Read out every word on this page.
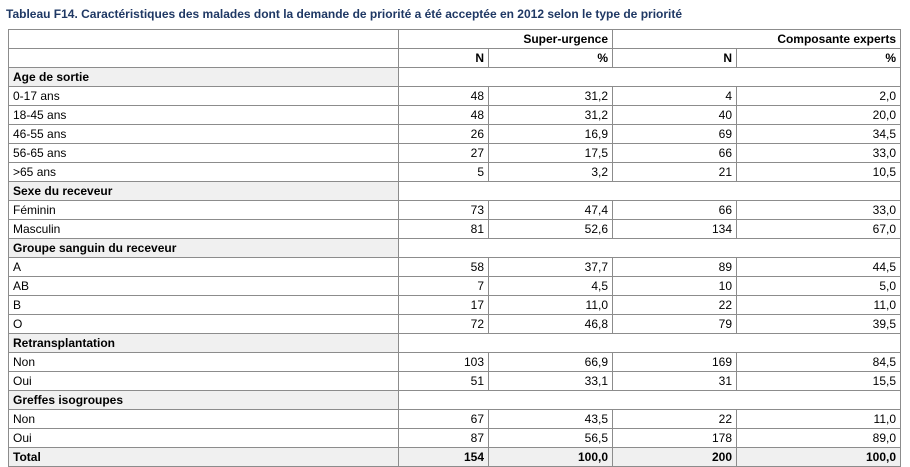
Tableau F14. Caractéristiques des malades dont la demande de priorité a été acceptée en 2012 selon le type de priorité
	Super-urgence		Composante experts	
	N	%	N	%
Age de sortie				
0-17 ans	48	31,2	4	2,0
18-45 ans	48	31,2	40	20,0
46-55 ans	26	16,9	69	34,5
56-65 ans	27	17,5	66	33,0
>65 ans	5	3,2	21	10,5
Sexe du receveur				
Féminin	73	47,4	66	33,0
Masculin	81	52,6	134	67,0
Groupe sanguin du receveur				
A	58	37,7	89	44,5
AB	7	4,5	10	5,0
B	17	11,0	22	11,0
O	72	46,8	79	39,5
Retransplantation				
Non	103	66,9	169	84,5
Oui	51	33,1	31	15,5
Greffes isogroupes				
Non	67	43,5	22	11,0
Oui	87	56,5	178	89,0
Total	154	100,0	200	100,0
